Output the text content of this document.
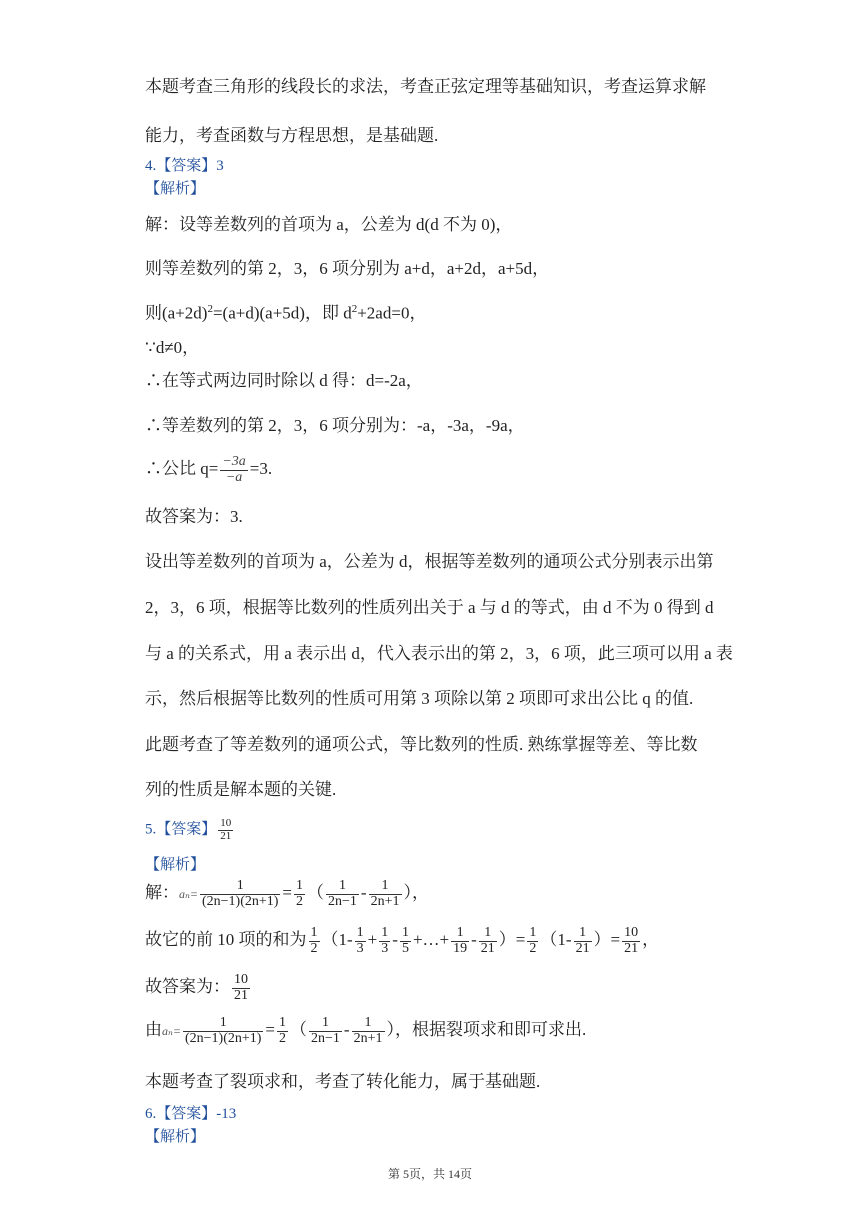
本题考查三角形的线段长的求法，考查正弦定理等基础知识，考查运算求解
能力，考查函数与方程思想，是基础题.
4.【答案】3
【解析】
解：设等差数列的首项为 a，公差为 d(d 不为 0)，
则等差数列的第 2，3，6 项分别为 a+d，a+2d，a+5d，
则$(a+2d)^2=(a+d)(a+5d)$，即 $d^2+2ad=0$，
∵d≠0，
∴在等式两边同时除以 d 得：d=-2a，
∴等差数列的第 2，3，6 项分别为：-a，-3a，-9a，
∴公比 $q= \frac{-3a}{-a} =3$.
故答案为：3.
设出等差数列的首项为 a，公差为 d，根据等差数列的通项公式分别表示出第
2，3，6 项，根据等比数列的性质列出关于 a 与 d 的等式，由 d 不为 0 得到 d
与 a 的关系式，用 a 表示出 d，代入表示出的第 2，3，6 项，此三项可以用 a 表
示，然后根据等比数列的性质可用第 3 项除以第 2 项即可求出公比 q 的值.
此题考查了等差数列的通项公式，等比数列的性质. 熟练掌握等差、等比数
列的性质是解本题的关键.
5.【答案】 $\frac{10}{21}$
【解析】
解：$a_n= \frac{1}{(2n-1)(2n+1)} = \frac{1}{2}$ （ $\frac{1}{2n-1} - \frac{1}{2n+1}$ ），
故它的前 10 项的和为 $\frac{1}{2} (1- \frac{1}{3} + \frac{1}{3} - \frac{1}{5}$ +…+ $\frac{1}{19} - \frac{1}{21}$ ）= $\frac{1}{2} (1- \frac{1}{21}$ ）= $\frac{10}{21}$ ，
故答案为： $\frac{10}{21}$
由$a_n= \frac{1}{(2n-1)(2n+1)} = \frac{1}{2}$ （ $\frac{1}{2n-1} - \frac{1}{2n+1}$ ），根据裂项求和即可求出.
本题考查了裂项求和，考查了转化能力，属于基础题.
6.【答案】-13
【解析】
第 5页，共 14页
